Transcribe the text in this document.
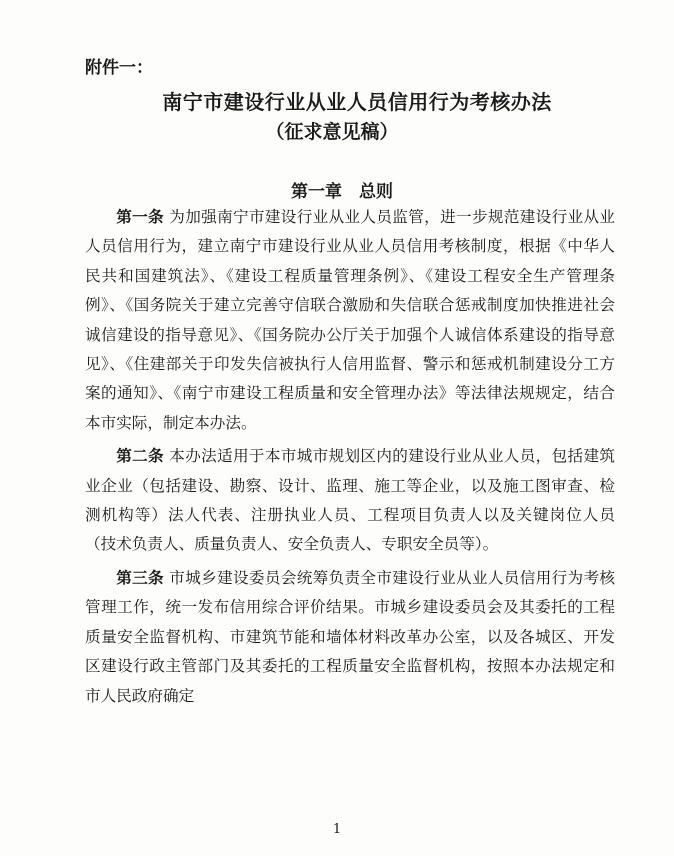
附件一：
南宁市建设行业从业人员信用行为考核办法
（征求意见稿）
第一章　总则

第一条 为加强南宁市建设行业从业人员监管，进一步规范建设行业从业人员信用行为，建立南宁市建设行业从业人员信用考核制度，根据《中华人民共和国建筑法》、《建设工程质量管理条例》、《建设工程安全生产管理条例》、《国务院关于建立完善守信联合激励和失信联合惩戒制度加快推进社会诚信建设的指导意见》、《国务院办公厅关于加强个人诚信体系建设的指导意见》、《住建部关于印发失信被执行人信用监督、警示和惩戒机制建设分工方案的通知》、《南宁市建设工程质量和安全管理办法》等法律法规规定，结合本市实际，制定本办法。

第二条 本办法适用于本市城市规划区内的建设行业从业人员，包括建筑业企业（包括建设、勘察、设计、监理、施工等企业，以及施工图审查、检测机构等）法人代表、注册执业人员、工程项目负责人以及关键岗位人员（技术负责人、质量负责人、安全负责人、专职安全员等）。

第三条 市城乡建设委员会统筹负责全市建设行业从业人员信用行为考核管理工作，统一发布信用综合评价结果。市城乡建设委员会及其委托的工程质量安全监督机构、市建筑节能和墙体材料改革办公室，以及各城区、开发区建设行政主管部门及其委托的工程质量安全监督机构，按照本办法规定和市人民政府确定

1
